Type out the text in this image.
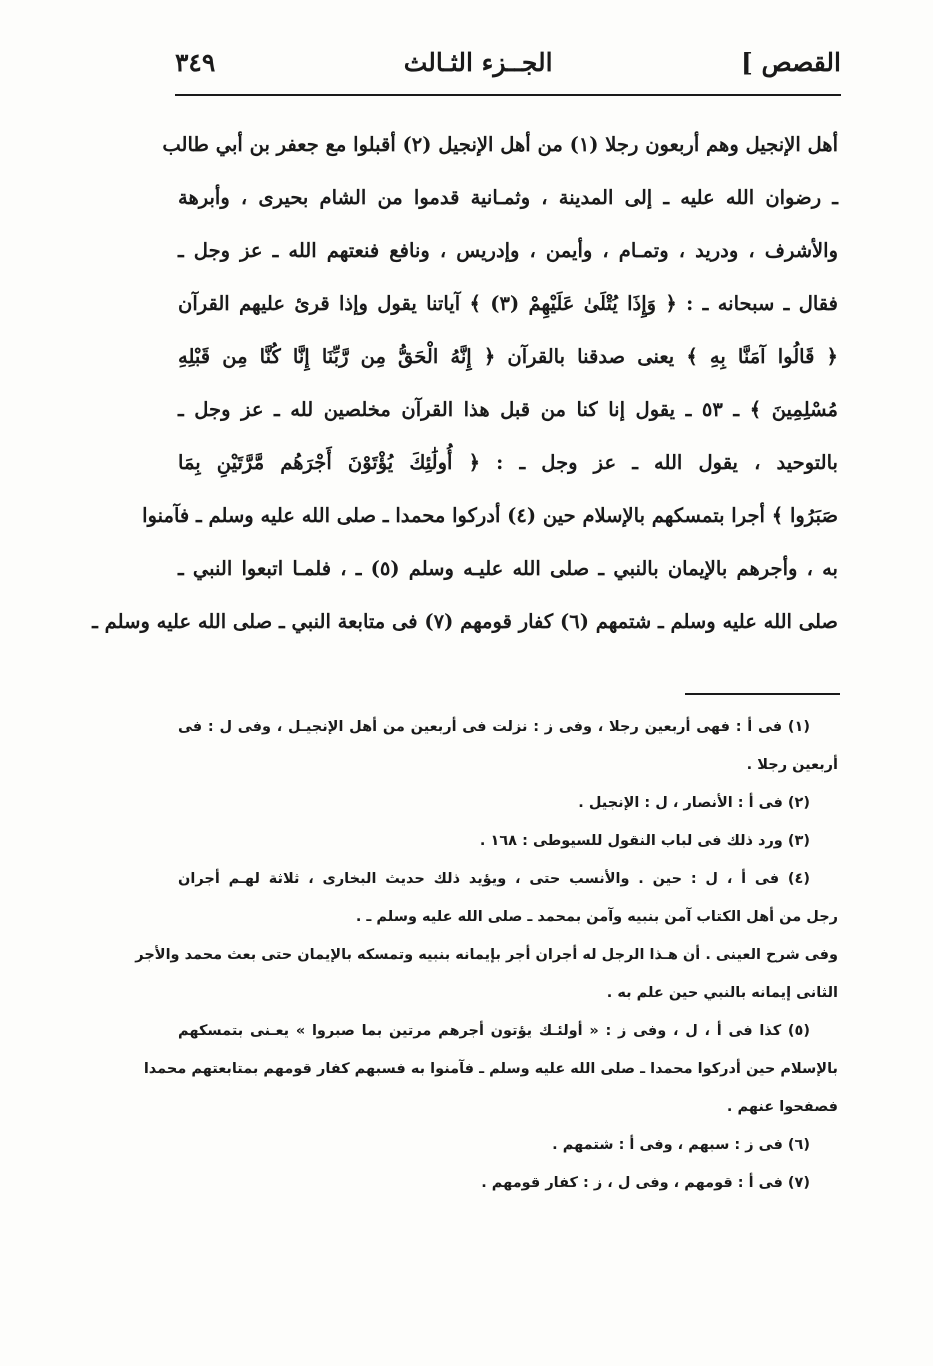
القصص ]
الجــزء الثـالث
٣٤٩
أهل الإنجيل وهم أربعون رجلا (١) من أهل الإنجيل (٢) أقبلوا مع جعفر بن أبي طالب
ـ رضوان الله عليه ـ إلى المدينة ، وثمـانية قدموا من الشام بحيرى ، وأبرهة
والأشرف ، ودريد ، وتمـام ، وأيمن ، وإدريس ، ونافع فنعتهم الله ـ عز وجل ـ
فقال ـ سبحانه ـ : ﴿ وَإِذَا يُتْلَىٰ عَلَيْهِمْ (٣) ﴾ آياتنا يقول وإذا قرئ عليهم القرآن
﴿ قَالُوا آمَنَّا بِهِ ﴾ يعنى صدقنا بالقرآن ﴿ إِنَّهُ الْحَقُّ مِن رَّبِّنَا إِنَّا كُنَّا مِن قَبْلِهِ
مُسْلِمِينَ ﴾ ـ ٥٣ ـ يقول إنا كنا من قبل هذا القرآن مخلصين لله ـ عز وجل ـ
بالتوحيد ، يقول الله ـ عز وجل ـ : ﴿ أُولَٰئِكَ يُؤْتَوْنَ أَجْرَهُم مَّرَّتَيْنِ بِمَا
صَبَرُوا ﴾ أجرا بتمسكهم بالإسلام حين (٤) أدركوا محمدا ـ صلى الله عليه وسلم ـ فآمنوا
به ، وأجرهم بالإيمان بالنبي ـ صلى الله عليـه وسلم (٥) ـ ، فلمـا اتبعوا النبي ـ
صلى الله عليه وسلم ـ شتمهم (٦) كفار قومهم (٧) فى متابعة النبي ـ صلى الله عليه وسلم ـ
(١) فى أ : فهى أربعين رجلا ، وفى ز : نزلت فى أربعين من أهل الإنجيـل ، وفى ل : فى
أربعين رجلا .
(٢) فى أ : الأنصار ، ل : الإنجيل .
(٣) ورد ذلك فى لباب النقول للسيوطى : ١٦٨ .
(٤) فى أ ، ل : حين . والأنسب حتى ، ويؤيد ذلك حديث البخارى ، ثلاثة لهـم أجران
رجل من أهل الكتاب آمن بنبيه وآمن بمحمد ـ صلى الله عليه وسلم ـ .
وفى شرح العينى . أن هـذا الرجل له أجران أجر بإيمانه بنبيه وتمسكه بالإيمان حتى بعث محمد والأجر
الثانى إيمانه بالنبي حين علم به .
(٥) كذا فى أ ، ل ، وفى ز : « أولئـك يؤتون أجرهم مرتين بما صبروا » يعـنى بتمسكهم
بالإسلام حين أدركوا محمدا ـ صلى الله عليه وسلم ـ فآمنوا به فسبهم كفار قومهم بمتابعتهم محمدا
فصفحوا عنهم .
(٦) فى ز : سبهم ، وفى أ : شتمهم .
(٧) فى أ : قومهم ، وفى ل ، ز : كفار قومهم .
